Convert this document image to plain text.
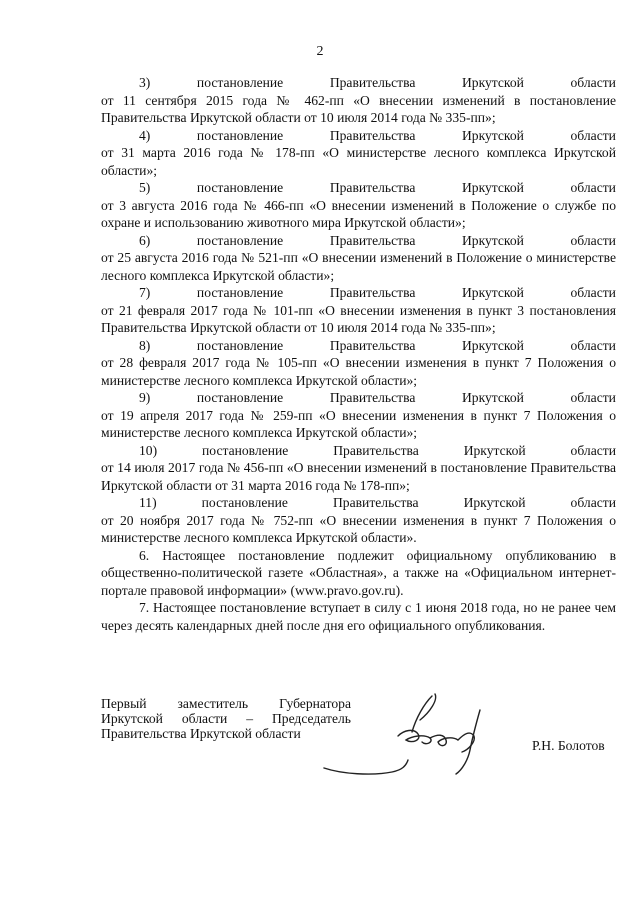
2
3)	постановление	Правительства	Иркутской	области
от 11 сентября 2015 года № 462-пп «О внесении изменений в постановление Правительства Иркутской области от 10 июля 2014 года № 335-пп»;
4)	постановление	Правительства	Иркутской	области
от 31 марта 2016 года № 178-пп «О министерстве лесного комплекса Иркутской области»;
5)	постановление	Правительства	Иркутской	области
от 3 августа 2016 года № 466-пп «О внесении изменений в Положение о службе по охране и использованию животного мира Иркутской области»;
6)	постановление	Правительства	Иркутской	области
от 25 августа 2016 года № 521-пп «О внесении изменений в Положение о министерстве лесного комплекса Иркутской области»;
7)	постановление	Правительства	Иркутской	области
от 21 февраля 2017 года № 101-пп «О внесении изменения в пункт 3 постановления Правительства Иркутской области от 10 июля 2014 года № 335-пп»;
8)	постановление	Правительства	Иркутской	области
от 28 февраля 2017 года № 105-пп «О внесении изменения в пункт 7 Положения о министерстве лесного комплекса Иркутской области»;
9)	постановление	Правительства	Иркутской	области
от 19 апреля 2017 года № 259-пп «О внесении изменения в пункт 7 Положения о министерстве лесного комплекса Иркутской области»;
10)	постановление	Правительства	Иркутской	области
от 14 июля 2017 года № 456-пп «О внесении изменений в постановление Правительства Иркутской области от 31 марта 2016 года № 178-пп»;
11)	постановление	Правительства	Иркутской	области
от 20 ноября 2017 года № 752-пп «О внесении изменения в пункт 7 Положения о министерстве лесного комплекса Иркутской области».

6. Настоящее постановление подлежит официальному опубликованию в общественно-политической газете «Областная», а также на «Официальном интернет-портале правовой информации» (www.pravo.gov.ru).

7. Настоящее постановление вступает в силу с 1 июня 2018 года, но не ранее чем через десять календарных дней после дня его официального опубликования.

Первый заместитель Губернатора
Иркутской области – Председатель
Правительства Иркутской области
Р.Н. Болотов
